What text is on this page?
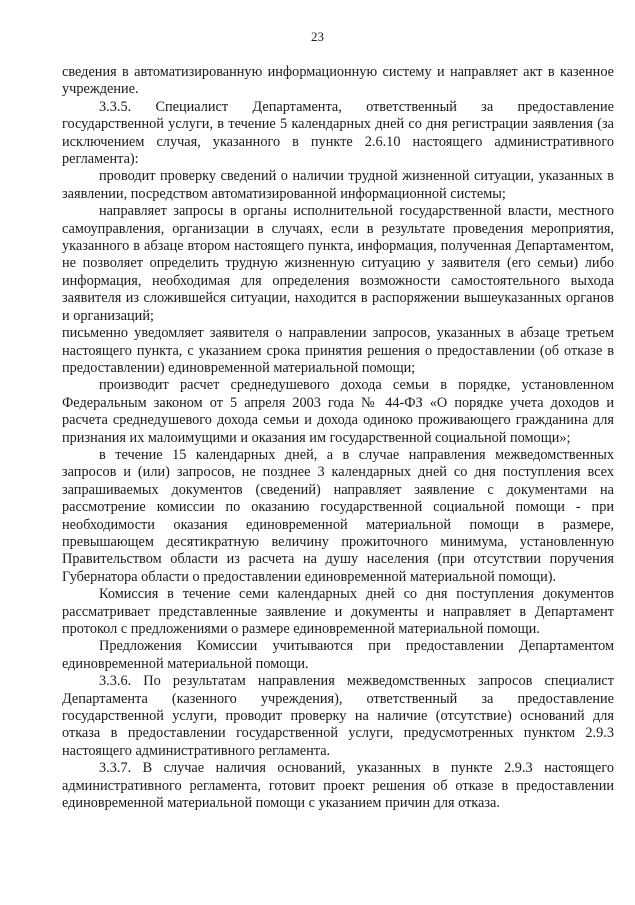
23

сведения в автоматизированную информационную систему и направляет акт в казенное учреждение.

3.3.5. Специалист Департамента, ответственный за предоставление государственной услуги, в течение 5 календарных дней со дня регистрации заявления (за исключением случая, указанного в пункте 2.6.10 настоящего административного регламента):

проводит проверку сведений о наличии трудной жизненной ситуации, указанных в заявлении, посредством автоматизированной информационной системы;

направляет запросы в органы исполнительной государственной власти, местного самоуправления, организации в случаях, если в результате проведения мероприятия, указанного в абзаце втором настоящего пункта, информация, полученная Департаментом, не позволяет определить трудную жизненную ситуацию у заявителя (его семьи) либо информация, необходимая для определения возможности самостоятельного выхода заявителя из сложившейся ситуации, находится в распоряжении вышеуказанных органов и организаций;

письменно уведомляет заявителя о направлении запросов, указанных в абзаце третьем настоящего пункта, с указанием срока принятия решения о предоставлении (об отказе в предоставлении) единовременной материальной помощи;

производит расчет среднедушевого дохода семьи в порядке, установленном Федеральным законом от 5 апреля 2003 года № 44-ФЗ «О порядке учета доходов и расчета среднедушевого дохода семьи и дохода одиноко проживающего гражданина для признания их малоимущими и оказания им государственной социальной помощи»;

в течение 15 календарных дней, а в случае направления межведомственных запросов и (или) запросов, не позднее 3 календарных дней со дня поступления всех запрашиваемых документов (сведений) направляет заявление с документами на рассмотрение комиссии по оказанию государственной социальной помощи - при необходимости оказания единовременной материальной помощи в размере, превышающем десятикратную величину прожиточного минимума, установленную Правительством области из расчета на душу населения (при отсутствии поручения Губернатора области о предоставлении единовременной материальной помощи).

Комиссия в течение семи календарных дней со дня поступления документов рассматривает представленные заявление и документы и направляет в Департамент протокол с предложениями о размере единовременной материальной помощи.

Предложения Комиссии учитываются при предоставлении Департаментом единовременной материальной помощи.

3.3.6. По результатам направления межведомственных запросов специалист Департамента (казенного учреждения), ответственный за предоставление государственной услуги, проводит проверку на наличие (отсутствие) оснований для отказа в предоставлении государственной услуги, предусмотренных пунктом 2.9.3 настоящего административного регламента.

3.3.7. В случае наличия оснований, указанных в пункте 2.9.3 настоящего административного регламента, готовит проект решения об отказе в предоставлении единовременной материальной помощи с указанием причин для отказа.
